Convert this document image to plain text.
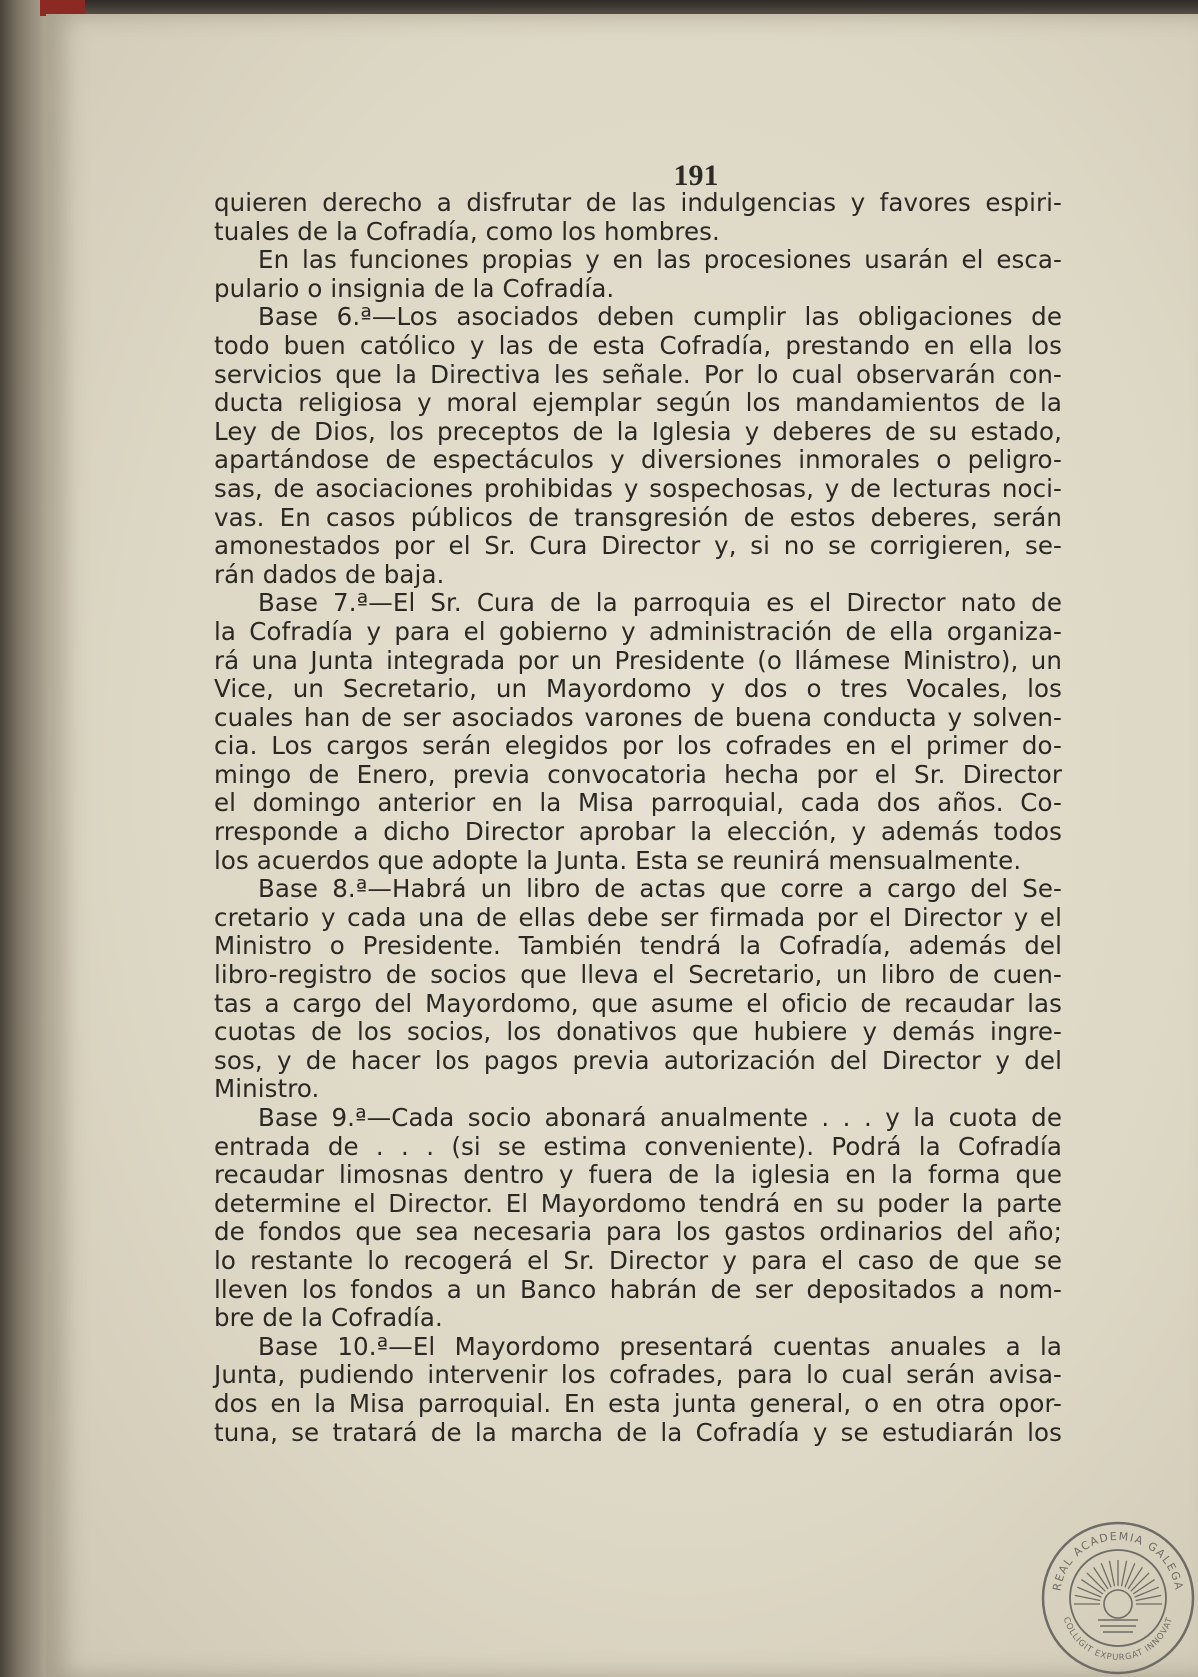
191
quieren derecho a disfrutar de las indulgencias y favores espiri-
tuales de la Cofradía, como los hombres.
En las funciones propias y en las procesiones usarán el esca-
pulario o insignia de la Cofradía.
Base 6.ª—Los asociados deben cumplir las obligaciones de
todo buen católico y las de esta Cofradía, prestando en ella los
servicios que la Directiva les señale. Por lo cual observarán con-
ducta religiosa y moral ejemplar según los mandamientos de la
Ley de Dios, los preceptos de la Iglesia y deberes de su estado,
apartándose de espectáculos y diversiones inmorales o peligro-
sas, de asociaciones prohibidas y sospechosas, y de lecturas noci-
vas. En casos públicos de transgresión de estos deberes, serán
amonestados por el Sr. Cura Director y, si no se corrigieren, se-
rán dados de baja.
Base 7.ª—El Sr. Cura de la parroquia es el Director nato de
la Cofradía y para el gobierno y administración de ella organiza-
rá una Junta integrada por un Presidente (o llámese Ministro), un
Vice, un Secretario, un Mayordomo y dos o tres Vocales, los
cuales han de ser asociados varones de buena conducta y solven-
cia. Los cargos serán elegidos por los cofrades en el primer do-
mingo de Enero, previa convocatoria hecha por el Sr. Director
el domingo anterior en la Misa parroquial, cada dos años. Co-
rresponde a dicho Director aprobar la elección, y además todos
los acuerdos que adopte la Junta. Esta se reunirá mensualmente.
Base 8.ª—Habrá un libro de actas que corre a cargo del Se-
cretario y cada una de ellas debe ser firmada por el Director y el
Ministro o Presidente. También tendrá la Cofradía, además del
libro-registro de socios que lleva el Secretario, un libro de cuen-
tas a cargo del Mayordomo, que asume el oficio de recaudar las
cuotas de los socios, los donativos que hubiere y demás ingre-
sos, y de hacer los pagos previa autorización del Director y del
Ministro.
Base 9.ª—Cada socio abonará anualmente . . . y la cuota de
entrada de . . . (si se estima conveniente). Podrá la Cofradía
recaudar limosnas dentro y fuera de la iglesia en la forma que
determine el Director. El Mayordomo tendrá en su poder la parte
de fondos que sea necesaria para los gastos ordinarios del año;
lo restante lo recogerá el Sr. Director y para el caso de que se
lleven los fondos a un Banco habrán de ser depositados a nom-
bre de la Cofradía.
Base 10.ª—El Mayordomo presentará cuentas anuales a la
Junta, pudiendo intervenir los cofrades, para lo cual serán avisa-
dos en la Misa parroquial. En esta junta general, o en otra opor-
tuna, se tratará de la marcha de la Cofradía y se estudiarán los
REAL ACADEMIA GALEGA
COLLIGIT EXPURGAT INNOVAT
